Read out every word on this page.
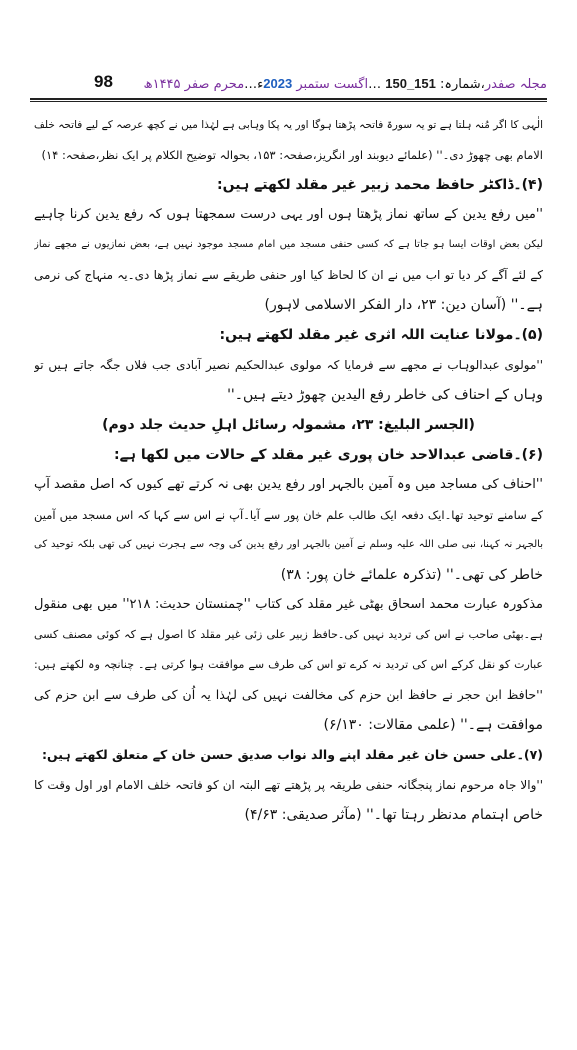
98	مجلہ صفدر،شمارہ: 151_150 …اگست ستمبر 2023ء…محرم صفر ۱۴۴۵ھ
الٰہی کا اگر مُنہ ہلتا ہے تو یہ سورۃ فاتحہ پڑھتا ہوگا اور یہ پکا وہابی ہے لہٰذا میں نے کچھ عرصہ کے لیے فاتحہ خلف
الامام بھی چھوڑ دی۔'' (علمائے دیوبند اور انگریز،صفحہ: ۱۵۳، بحوالہ توضیح الکلام پر ایک نظر،صفحہ: ۱۴)
(۴)۔ڈاکٹر حافظ محمد زبیر غیر مقلد لکھتے ہیں:
''میں رفع یدین کے ساتھ نماز پڑھتا ہوں اور یہی درست سمجھتا ہوں کہ رفع یدین کرنا چاہیے
لیکن بعض اوقات ایسا ہو جاتا ہے کہ کسی حنفی مسجد میں امام مسجد موجود نہیں ہے، بعض نمازیوں نے مجھے نماز
کے لئے آگے کر دیا تو اب میں نے ان کا لحاظ کیا اور حنفی طریقے سے نماز پڑھا دی۔یہ منہاج کی نرمی
ہے۔'' (آسان دین: ۲۳، دار الفکر الاسلامی لاہور)
(۵)۔مولانا عنایت اللہ اثری غیر مقلد لکھتے ہیں:
''مولوی عبدالوہاب نے مجھے سے فرمایا کہ مولوی عبدالحکیم نصیر آبادی جب فلاں جگہ جاتے ہیں تو
وہاں کے احناف کی خاطر رفع الیدین چھوڑ دیتے ہیں۔''
(الجسر البلیغ: ۲۳، مشمولہ رسائل اہلِ حدیث جلد دوم)
(۶)۔قاضی عبدالاحد خان پوری غیر مقلد کے حالات میں لکھا ہے:
''احناف کی مساجد میں وہ آمین بالجہر اور رفع یدین بھی نہ کرتے تھے کیوں کہ اصل مقصد آپ
کے سامنے توحید تھا۔ایک دفعہ ایک طالب علم خان پور سے آیا۔آپ نے اس سے کہا کہ اس مسجد میں آمین
بالجہر نہ کہنا، نبی صلی اللہ علیہ وسلم نے آمین بالجہر اور رفع یدین کی وجہ سے ہجرت نہیں کی تھی بلکہ توحید کی
خاطر کی تھی۔'' (تذکرہ علمائے خان پور: ۳۸)
مذکورہ عبارت محمد اسحاق بھٹی غیر مقلد کی کتاب ''چمنستان حدیث: ۲۱۸'' میں بھی منقول
ہے۔بھٹی صاحب نے اس کی تردید نہیں کی۔حافظ زبیر علی زئی غیر مقلد کا اصول ہے کہ کوئی مصنف کسی
عبارت کو نقل کرکے اس کی تردید نہ کرے تو اس کی طرف سے موافقت ہوا کرتی ہے۔ چنانچہ وہ لکھتے ہیں:
''حافظ ابن حجر نے حافظ ابن حزم کی مخالفت نہیں کی لہٰذا یہ اُن کی طرف سے ابن حزم کی
موافقت ہے۔'' (علمی مقالات: ۶/۱۳۰)
(۷)۔علی حسن خان غیر مقلد اپنے والد نواب صدیق حسن خان کے متعلق لکھتے ہیں:
''والا جاہ مرحوم نماز پنجگانہ حنفی طریقہ پر پڑھتے تھے البتہ ان کو فاتحہ خلف الامام اور اول وقت کا
خاص اہتمام مدنظر رہتا تھا۔'' (مآثر صدیقی: ۴/۶۳)
